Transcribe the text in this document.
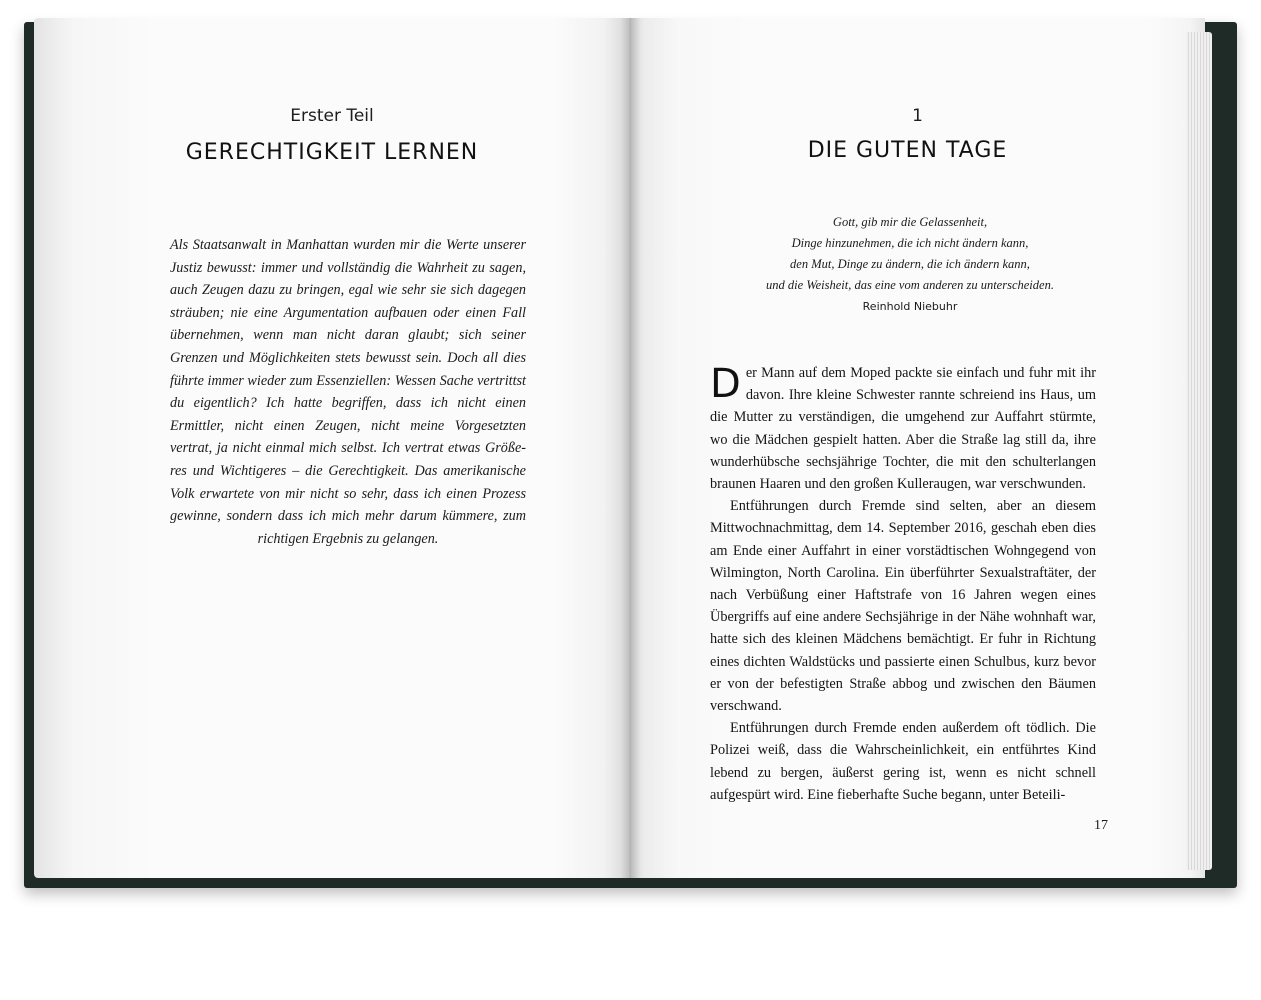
Erster Teil
GERECHTIGKEIT LERNEN
Als Staatsanwalt in Manhattan wurden mir die Werte unserer Justiz bewusst: immer und vollständig die Wahrheit zu sagen, auch Zeugen dazu zu bringen, egal wie sehr sie sich dagegen sträuben; nie eine Argumentation aufbauen oder einen Fall übernehmen, wenn man nicht daran glaubt; sich seiner Grenzen und Möglichkeiten stets bewusst sein. Doch all dies führte immer wieder zum Essenziellen: Wessen Sache vertrittst du eigentlich? Ich hatte begriffen, dass ich nicht einen Ermittler, nicht einen Zeugen, nicht meine Vorgesetzten vertrat, ja nicht einmal mich selbst. Ich vertrat etwas Größeres und Wichtigeres – die Gerechtigkeit. Das amerikanische Volk erwartete von mir nicht so sehr, dass ich einen Prozess gewinne, sondern dass ich mich mehr darum kümmere, zum richtigen Ergebnis zu gelangen.
1
DIE GUTEN TAGE
Gott, gib mir die Gelassenheit,
Dinge hinzunehmen, die ich nicht ändern kann,
den Mut, Dinge zu ändern, die ich ändern kann,
und die Weisheit, das eine vom anderen zu unterscheiden.
Reinhold Niebuhr

Der Mann auf dem Moped packte sie einfach und fuhr mit ihr davon. Ihre kleine Schwester rannte schreiend ins Haus, um die Mutter zu verständigen, die umgehend zur Auffahrt stürmte, wo die Mädchen gespielt hatten. Aber die Straße lag still da, ihre wunderhübsche sechsjährige Tochter, die mit den schulterlangen braunen Haaren und den großen Kulleraugen, war verschwunden.

Entführungen durch Fremde sind selten, aber an diesem Mittwochnachmittag, dem 14. September 2016, geschah eben dies am Ende einer Auffahrt in einer vorstädtischen Wohngegend von Wilmington, North Carolina. Ein überführter Sexualstraftäter, der nach Verbüßung einer Haftstrafe von 16 Jahren wegen eines Übergriffs auf eine andere Sechsjährige in der Nähe wohnhaft war, hatte sich des kleinen Mädchens bemächtigt. Er fuhr in Richtung eines dichten Waldstücks und passierte einen Schulbus, kurz bevor er von der befestigten Straße abbog und zwischen den Bäumen verschwand.

Entführungen durch Fremde enden außerdem oft tödlich. Die Polizei weiß, dass die Wahrscheinlichkeit, ein entführtes Kind lebend zu bergen, äußerst gering ist, wenn es nicht schnell aufgespürt wird. Eine fieberhafte Suche begann, unter Beteili-

17
